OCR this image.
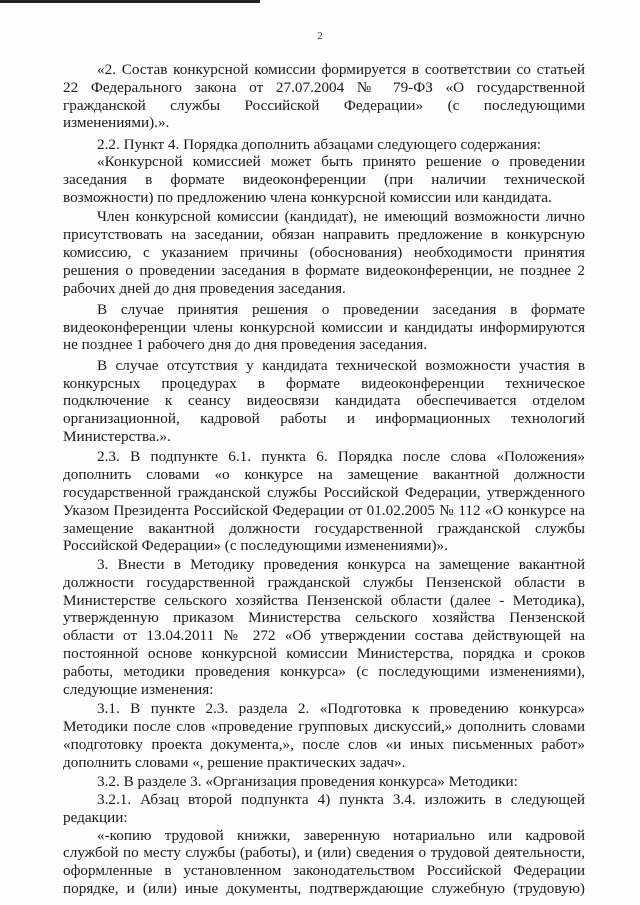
2
«2. Состав конкурсной комиссии формируется в соответствии со статьей
22 Федерального закона от 27.07.2004 № 79-ФЗ «О государственной
гражданской службы Российской Федерации» (с последующими
изменениями).».
2.2. Пункт 4. Порядка дополнить абзацами следующего содержания:
«Конкурсной комиссией может быть принято решение о проведении
заседания в формате видеоконференции (при наличии технической
возможности) по предложению члена конкурсной комиссии или кандидата.
Член конкурсной комиссии (кандидат), не имеющий возможности лично
присутствовать на заседании, обязан направить предложение в конкурсную
комиссию, с указанием причины (обоснования) необходимости принятия
решения о проведении заседания в формате видеоконференции, не позднее 2
рабочих дней до дня проведения заседания.
В случае принятия решения о проведении заседания в формате
видеоконференции члены конкурсной комиссии и кандидаты информируются
не позднее 1 рабочего дня до дня проведения заседания.
В случае отсутствия у кандидата технической возможности участия в
конкурсных процедурах в формате видеоконференции техническое
подключение к сеансу видеосвязи кандидата обеспечивается отделом
организационной, кадровой работы и информационных технологий
Министерства.».
2.3. В подпункте 6.1. пункта 6. Порядка после слова «Положения»
дополнить словами «о конкурсе на замещение вакантной должности
государственной гражданской службы Российской Федерации, утвержденного
Указом Президента Российской Федерации от 01.02.2005 № 112 «О конкурсе на
замещение вакантной должности государственной гражданской службы
Российской Федерации» (с последующими изменениями)».
3. Внести в Методику проведения конкурса на замещение вакантной
должности государственной гражданской службы Пензенской области в
Министерстве сельского хозяйства Пензенской области (далее - Методика),
утвержденную приказом Министерства сельского хозяйства Пензенской
области от 13.04.2011 № 272 «Об утверждении состава действующей на
постоянной основе конкурсной комиссии Министерства, порядка и сроков
работы, методики проведения конкурса» (с последующими изменениями),
следующие изменения:
3.1. В пункте 2.3. раздела 2. «Подготовка к проведению конкурса»
Методики после слов «проведение групповых дискуссий,» дополнить словами
«подготовку проекта документа,», после слов «и иных письменных работ»
дополнить словами «, решение практических задач».
3.2. В разделе 3. «Организация проведения конкурса» Методики:
3.2.1. Абзац второй подпункта 4) пункта 3.4. изложить в следующей
редакции:
«-копию трудовой книжки, заверенную нотариально или кадровой
службой по месту службы (работы), и (или) сведения о трудовой деятельности,
оформленные в установленном законодательством Российской Федерации
порядке, и (или) иные документы, подтверждающие служебную (трудовую)
